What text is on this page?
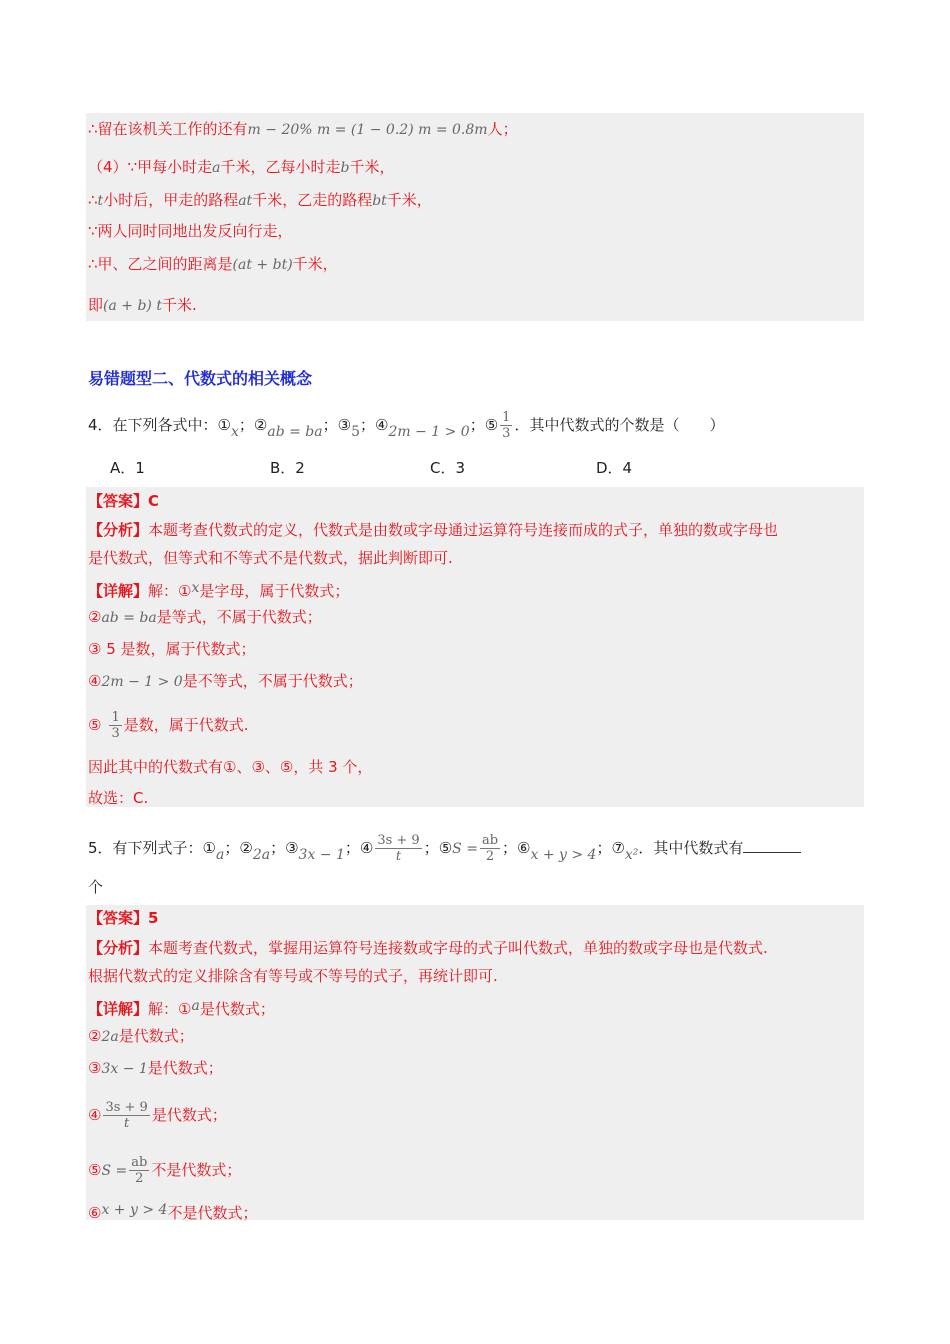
∴留在该机关工作的还有m − 20% m = (1 − 0.2) m = 0.8m人；
（4）∵甲每小时走a千米，乙每小时走b千米，
∴t小时后，甲走的路程at千米，乙走的路程bt千米，
∵两人同时同地出发反向行走，
∴甲、乙之间的距离是(at + bt)千米，
即(a + b) t千米.
易错题型二、代数式的相关概念
4．在下列各式中：①x；②ab = ba；③5；④2m − 1 > 0；⑤ $\frac{1}{3}$ ．其中代数式的个数是（　　）
A．1	B．2	C．3	D．4
【答案】C
【分析】本题考查代数式的定义，代数式是由数或字母通过运算符号连接而成的式子，单独的数或字母也
是代数式，但等式和不等式不是代数式，据此判断即可.
【详解】解：①x是字母，属于代数式；
②ab = ba是等式，不属于代数式；
③ 5 是数，属于代数式；
④2m − 1 > 0是不等式，不属于代数式；
⑤ $\frac{1}{3}$ 是数，属于代数式.
因此其中的代数式有①、③、⑤，共 3 个，
故选：C.
5．有下列式子：①a；②2a；③3x − 1；④ $\frac{3s + 9}{t}$ ；⑤S = $\frac{ab}{2}$ ；⑥x + y > 4；⑦x²．其中代数式有
个
【答案】5
【分析】本题考查代数式，掌握用运算符号连接数或字母的式子叫代数式，单独的数或字母也是代数式.
根据代数式的定义排除含有等号或不等号的式子，再统计即可.
【详解】解：①a是代数式；
②2a是代数式；
③3x − 1是代数式；
④ $\frac{3s + 9}{t}$ 是代数式；
⑤S = $\frac{ab}{2}$ 不是代数式；
⑥x + y > 4不是代数式；
